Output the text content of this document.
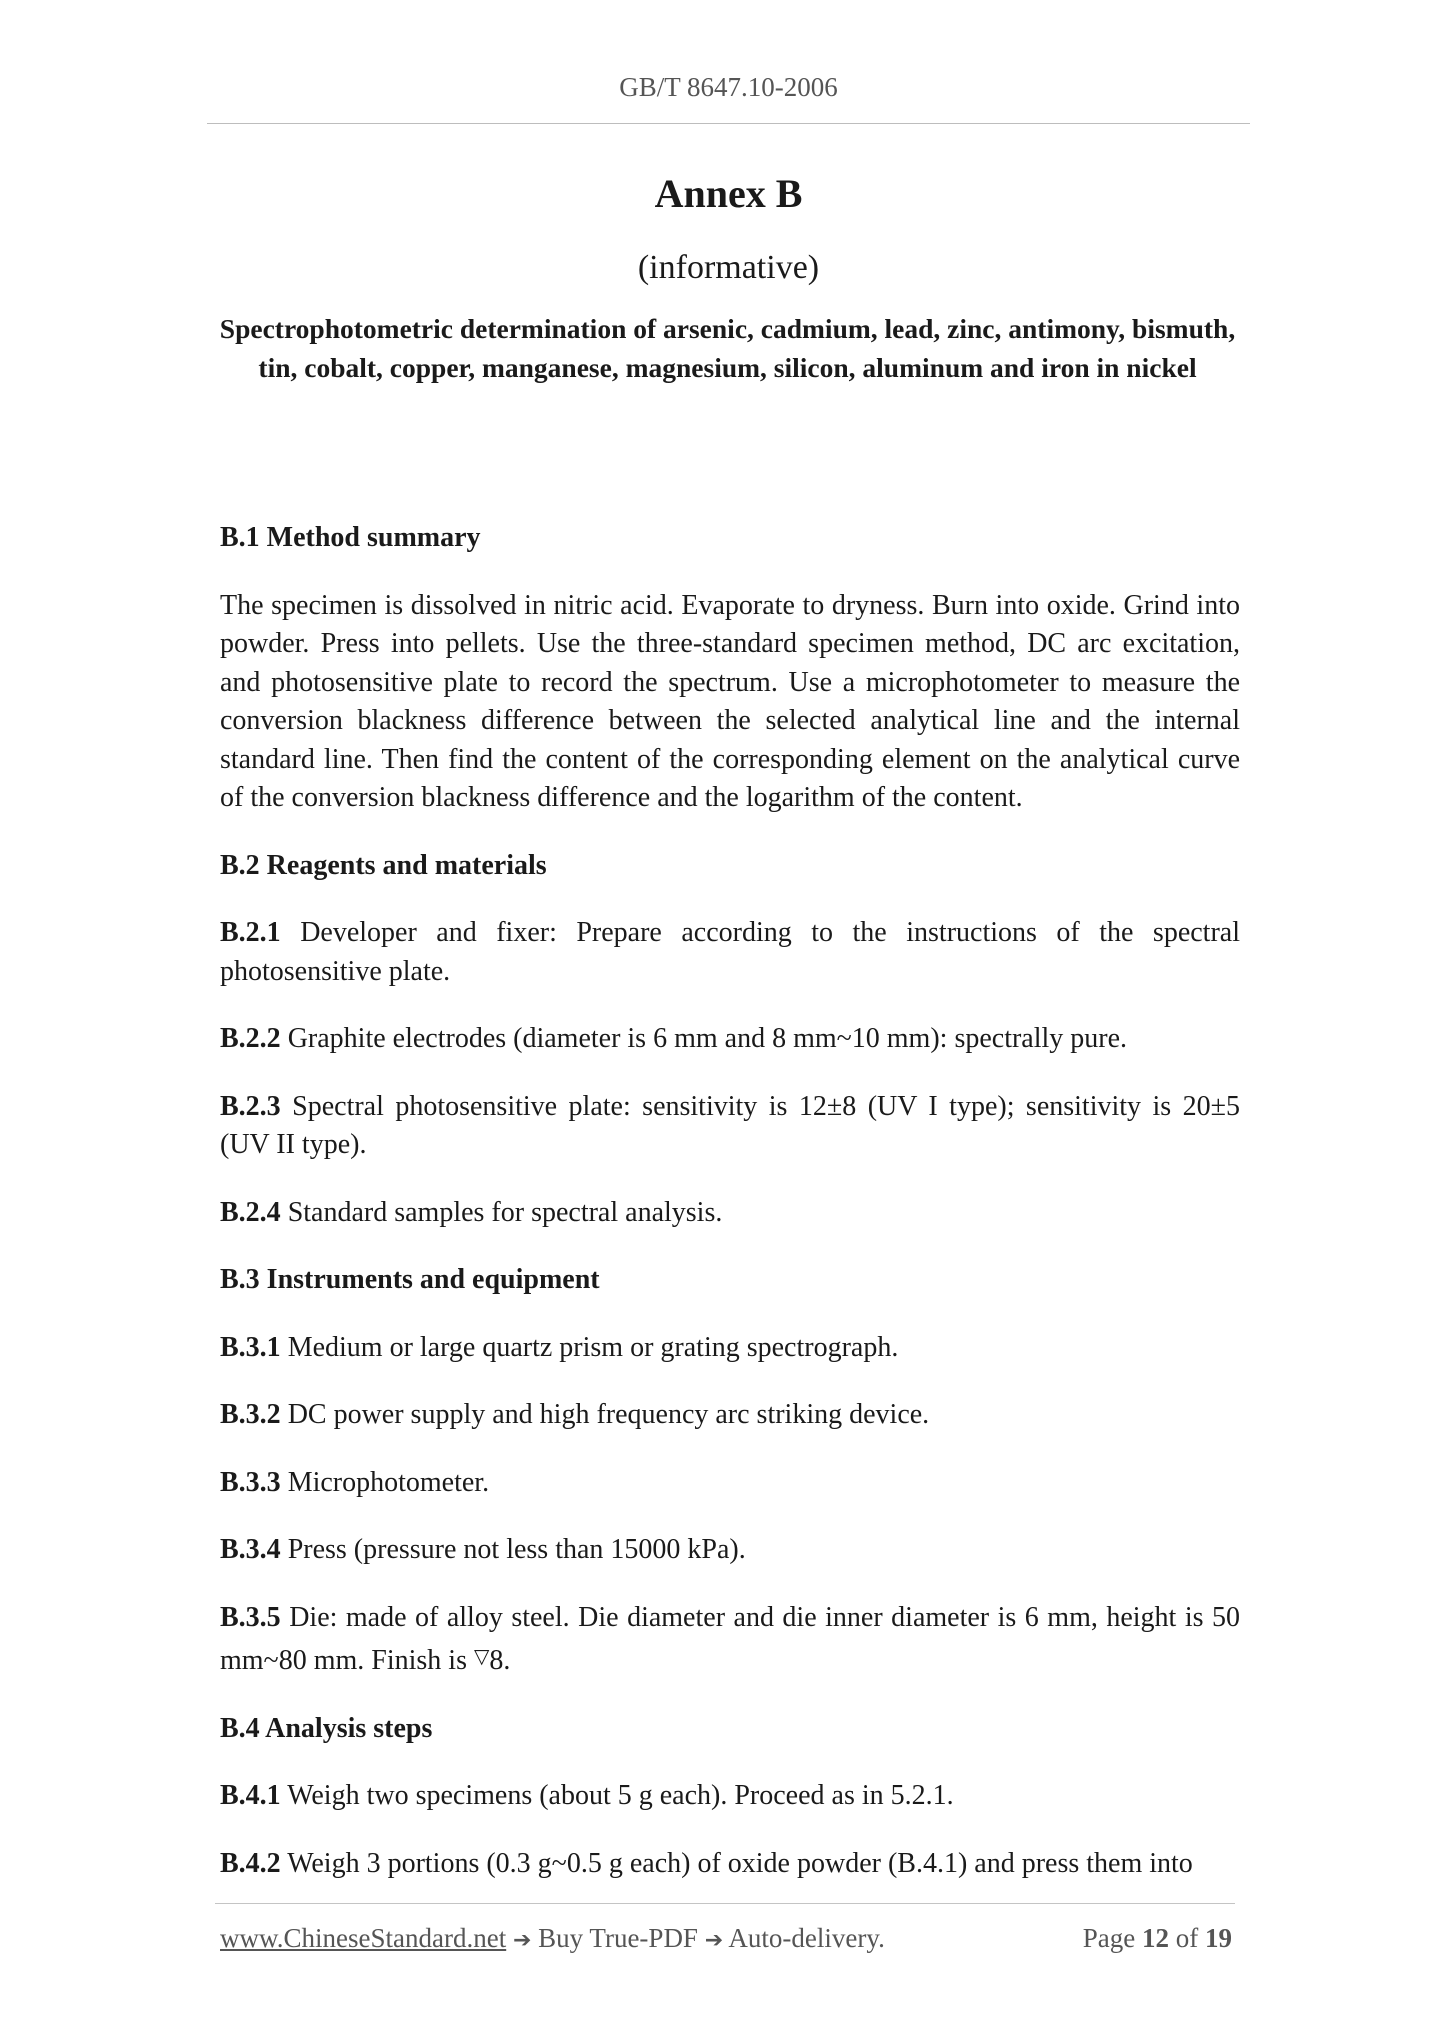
GB/T 8647.10-2006
Annex B
(informative)
Spectrophotometric determination of arsenic, cadmium, lead, zinc, antimony, bismuth, tin, cobalt, copper, manganese, magnesium, silicon, aluminum and iron in nickel

B.1 Method summary

The specimen is dissolved in nitric acid. Evaporate to dryness. Burn into oxide. Grind into powder. Press into pellets. Use the three-standard specimen method, DC arc excitation, and photosensitive plate to record the spectrum. Use a microphotometer to measure the conversion blackness difference between the selected analytical line and the internal standard line. Then find the content of the corresponding element on the analytical curve of the conversion blackness difference and the logarithm of the content.

B.2 Reagents and materials

B.2.1 Developer and fixer: Prepare according to the instructions of the spectral photosensitive plate.

B.2.2 Graphite electrodes (diameter is 6 mm and 8 mm~10 mm): spectrally pure.

B.2.3 Spectral photosensitive plate: sensitivity is 12±8 (UV I type); sensitivity is 20±5 (UV II type).

B.2.4 Standard samples for spectral analysis.

B.3 Instruments and equipment

B.3.1 Medium or large quartz prism or grating spectrograph.

B.3.2 DC power supply and high frequency arc striking device.

B.3.3 Microphotometer.

B.3.4 Press (pressure not less than 15000 kPa).

B.3.5 Die: made of alloy steel. Die diameter and die inner diameter is 6 mm, height is 50 mm~80 mm. Finish is ▽8.

B.4 Analysis steps

B.4.1 Weigh two specimens (about 5 g each). Proceed as in 5.2.1.

B.4.2 Weigh 3 portions (0.3 g~0.5 g each) of oxide powder (B.4.1) and press them into

www.ChineseStandard.net ➔ Buy True-PDF ➔ Auto-delivery.	Page 12 of 19
